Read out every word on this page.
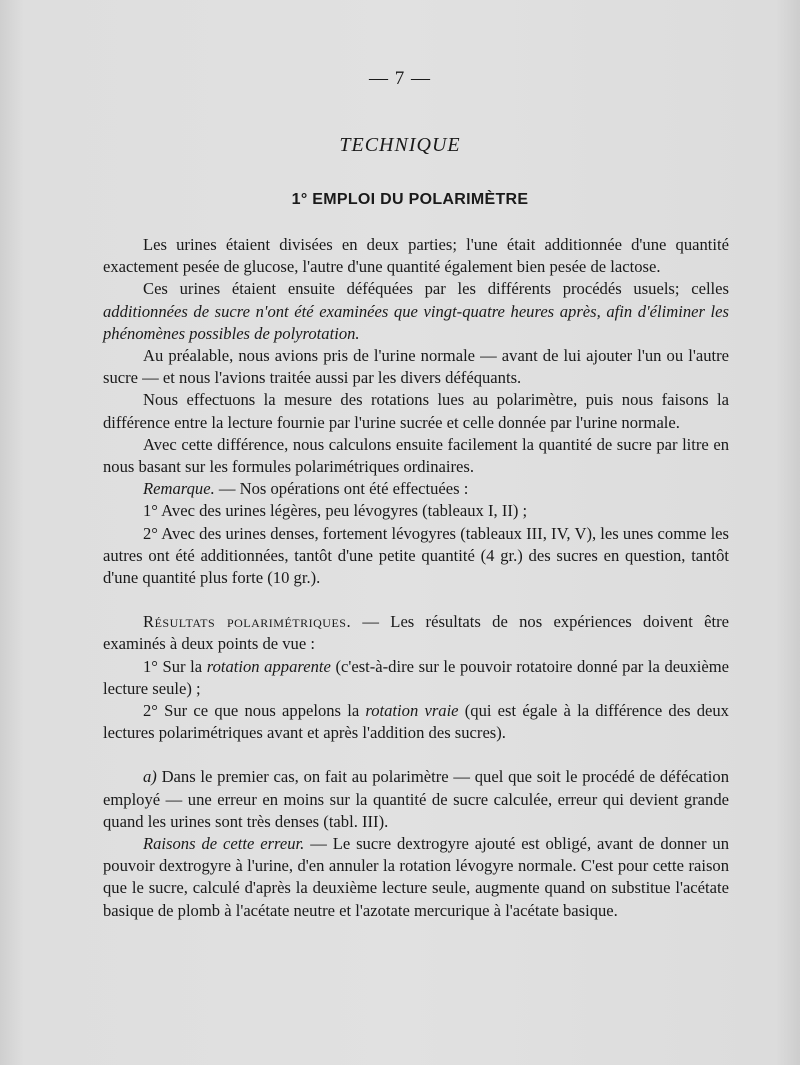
— 7 —
TECHNIQUE
1° EMPLOI DU POLARIMÈTRE

Les urines étaient divisées en deux parties; l'une était additionnée d'une quantité exactement pesée de glucose, l'autre d'une quantité également bien pesée de lactose.

Ces urines étaient ensuite déféquées par les différents procédés usuels; celles additionnées de sucre n'ont été examinées que vingt-quatre heures après, afin d'éliminer les phénomènes possibles de polyrotation.

Au préalable, nous avions pris de l'urine normale — avant de lui ajouter l'un ou l'autre sucre — et nous l'avions traitée aussi par les divers déféquants.

Nous effectuons la mesure des rotations lues au polarimètre, puis nous faisons la différence entre la lecture fournie par l'urine sucrée et celle donnée par l'urine normale.

Avec cette différence, nous calculons ensuite facilement la quantité de sucre par litre en nous basant sur les formules polarimétriques ordinaires.

Remarque. — Nos opérations ont été effectuées :

1° Avec des urines légères, peu lévogyres (tableaux I, II) ;

2° Avec des urines denses, fortement lévogyres (tableaux III, IV, V), les unes comme les autres ont été additionnées, tantôt d'une petite quantité (4 gr.) des sucres en question, tantôt d'une quantité plus forte (10 gr.).

Résultats polarimétriques. — Les résultats de nos expériences doivent être examinés à deux points de vue :

1° Sur la rotation apparente (c'est-à-dire sur le pouvoir rotatoire donné par la deuxième lecture seule) ;

2° Sur ce que nous appelons la rotation vraie (qui est égale à la différence des deux lectures polarimétriques avant et après l'addition des sucres).

a) Dans le premier cas, on fait au polarimètre — quel que soit le procédé de défécation employé — une erreur en moins sur la quantité de sucre calculée, erreur qui devient grande quand les urines sont très denses (tabl. III).

Raisons de cette erreur. — Le sucre dextrogyre ajouté est obligé, avant de donner un pouvoir dextrogyre à l'urine, d'en annuler la rotation lévogyre normale. C'est pour cette raison que le sucre, calculé d'après la deuxième lecture seule, augmente quand on substitue l'acétate basique de plomb à l'acétate neutre et l'azotate mercurique à l'acétate basique.
